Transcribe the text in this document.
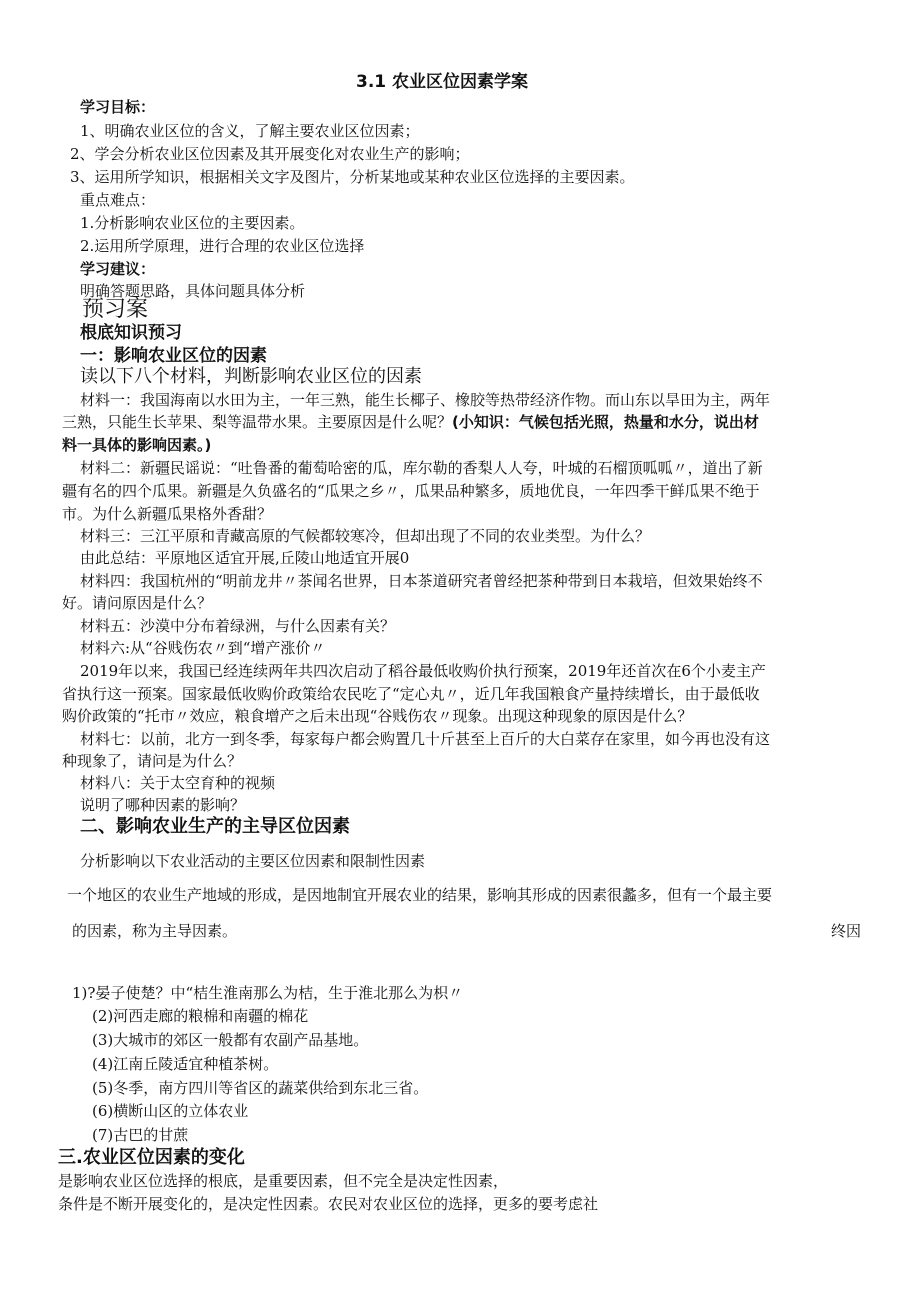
3.1 农业区位因素学案
学习目标：
1、明确农业区位的含义，了解主要农业区位因素；
2、学会分析农业区位因素及其开展变化对农业生产的影响；
3、运用所学知识，根据相关文字及图片，分析某地或某种农业区位选择的主要因素。
重点难点：
1.分析影响农业区位的主要因素。
2.运用所学原理，进行合理的农业区位选择
学习建议：
明确答题思路，具体问题具体分析
预习案
根底知识预习
一：影响农业区位的因素
读以下八个材料，判断影响农业区位的因素
材料一：我国海南以水田为主，一年三熟，能生长椰子、橡胶等热带经济作物。而山东以旱田为主，两年
三熟，只能生长苹果、梨等温带水果。主要原因是什么呢？(小知识：气候包括光照，热量和水分，说出材
料一具体的影响因素。)
材料二：新疆民谣说：“吐鲁番的葡萄哈密的瓜，库尔勒的香梨人人夸，叶城的石榴顶呱呱〃，道出了新
疆有名的四个瓜果。新疆是久负盛名的“瓜果之乡〃，瓜果品种繁多，质地优良，一年四季干鲜瓜果不绝于
市。为什么新疆瓜果格外香甜？
材料三：三江平原和青藏高原的气候都较寒冷，但却出现了不同的农业类型。为什么？
由此总结：平原地区适宜开展,丘陵山地适宜开展0
材料四：我国杭州的“明前龙井〃茶闻名世界，日本茶道研究者曾经把茶种带到日本栽培，但效果始终不
好。请问原因是什么？
材料五：沙漠中分布着绿洲，与什么因素有关？
材料六:从“谷贱伤农〃到“增产涨价〃
2019年以来，我国已经连续两年共四次启动了稻谷最低收购价执行预案，2019年还首次在6个小麦主产
省执行这一预案。国家最低收购价政策给农民吃了“定心丸〃，近几年我国粮食产量持续增长，由于最低收
购价政策的“托市〃效应，粮食增产之后未出现“谷贱伤农〃现象。出现这种现象的原因是什么？
材料七：以前，北方一到冬季，每家每户都会购置几十斤甚至上百斤的大白菜存在家里，如今再也没有这
种现象了，请问是为什么？
材料八：关于太空育种的视频
说明了哪种因素的影响？
二、影响农业生产的主导区位因素
分析影响以下农业活动的主要区位因素和限制性因素
一个地区的农业生产地域的形成，是因地制宜开展农业的结果，影响其形成的因素很蠡多，但有一个最主要
的因素，称为主导因素。	终因
1)?晏子使楚？中“桔生淮南那么为桔，生于淮北那么为枳〃
(2)河西走廊的粮棉和南疆的棉花
(3)大城市的郊区一般都有农副产品基地。
(4)江南丘陵适宜种植茶树。
(5)冬季，南方四川等省区的蔬菜供给到东北三省。
(6)横断山区的立体农业
(7)古巴的甘蔗
三.农业区位因素的变化
是影响农业区位选择的根底，是重要因素，但不完全是决定性因素，
条件是不断开展变化的，是决定性因素。农民对农业区位的选择，更多的要考虑社
